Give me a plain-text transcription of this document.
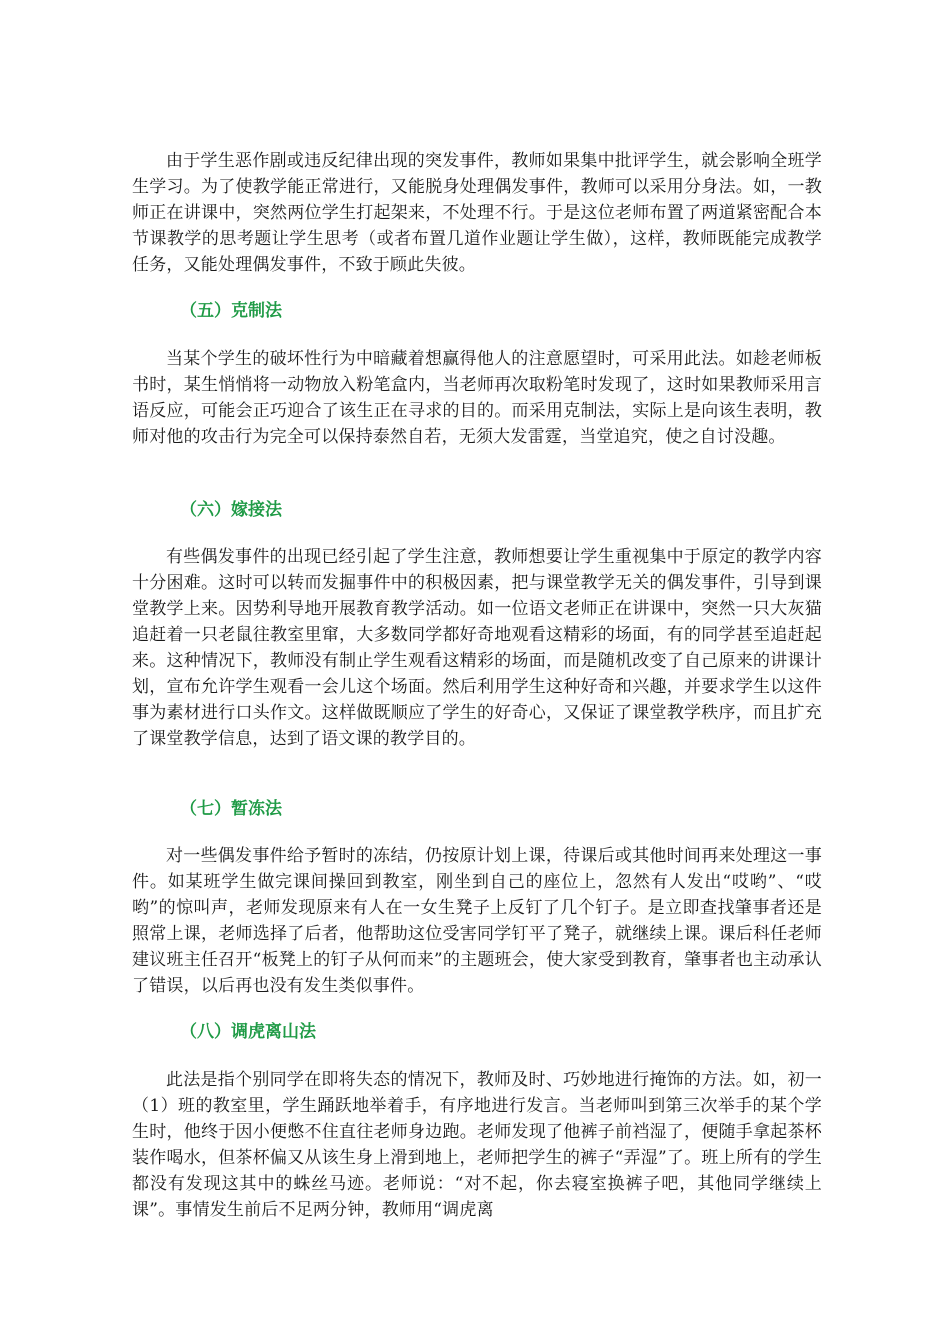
由于学生恶作剧或违反纪律出现的突发事件，教师如果集中批评学生，就会影响全班学生学习。为了使教学能正常进行，又能脱身处理偶发事件，教师可以采用分身法。如，一教师正在讲课中，突然两位学生打起架来，不处理不行。于是这位老师布置了两道紧密配合本节课教学的思考题让学生思考（或者布置几道作业题让学生做），这样，教师既能完成教学任务，又能处理偶发事件，不致于顾此失彼。

（五）克制法

当某个学生的破坏性行为中暗藏着想赢得他人的注意愿望时，可采用此法。如趁老师板书时，某生悄悄将一动物放入粉笔盒内，当老师再次取粉笔时发现了，这时如果教师采用言语反应，可能会正巧迎合了该生正在寻求的目的。而采用克制法，实际上是向该生表明，教师对他的攻击行为完全可以保持泰然自若，无须大发雷霆，当堂追究，使之自讨没趣。

（六）嫁接法

有些偶发事件的出现已经引起了学生注意，教师想要让学生重视集中于原定的教学内容十分困难。这时可以转而发掘事件中的积极因素，把与课堂教学无关的偶发事件，引导到课堂教学上来。因势利导地开展教育教学活动。如一位语文老师正在讲课中，突然一只大灰猫追赶着一只老鼠往教室里窜，大多数同学都好奇地观看这精彩的场面，有的同学甚至追赶起来。这种情况下，教师没有制止学生观看这精彩的场面，而是随机改变了自己原来的讲课计划，宣布允许学生观看一会儿这个场面。然后利用学生这种好奇和兴趣，并要求学生以这件事为素材进行口头作文。这样做既顺应了学生的好奇心，又保证了课堂教学秩序，而且扩充了课堂教学信息，达到了语文课的教学目的。

（七）暂冻法

对一些偶发事件给予暂时的冻结，仍按原计划上课，待课后或其他时间再来处理这一事件。如某班学生做完课间操回到教室，刚坐到自己的座位上，忽然有人发出“哎哟”、“哎哟”的惊叫声，老师发现原来有人在一女生凳子上反钉了几个钉子。是立即查找肇事者还是照常上课，老师选择了后者，他帮助这位受害同学钉平了凳子，就继续上课。课后科任老师建议班主任召开“板凳上的钉子从何而来”的主题班会，使大家受到教育，肇事者也主动承认了错误，以后再也没有发生类似事件。

（八）调虎离山法

此法是指个别同学在即将失态的情况下，教师及时、巧妙地进行掩饰的方法。如，初一（1）班的教室里，学生踊跃地举着手，有序地进行发言。当老师叫到第三次举手的某个学生时，他终于因小便憋不住直往老师身边跑。老师发现了他裤子前裆湿了，便随手拿起茶杯装作喝水，但茶杯偏又从该生身上滑到地上，老师把学生的裤子“弄湿”了。班上所有的学生都没有发现这其中的蛛丝马迹。老师说：“对不起，你去寝室换裤子吧，其他同学继续上课”。事情发生前后不足两分钟，教师用“调虎离
